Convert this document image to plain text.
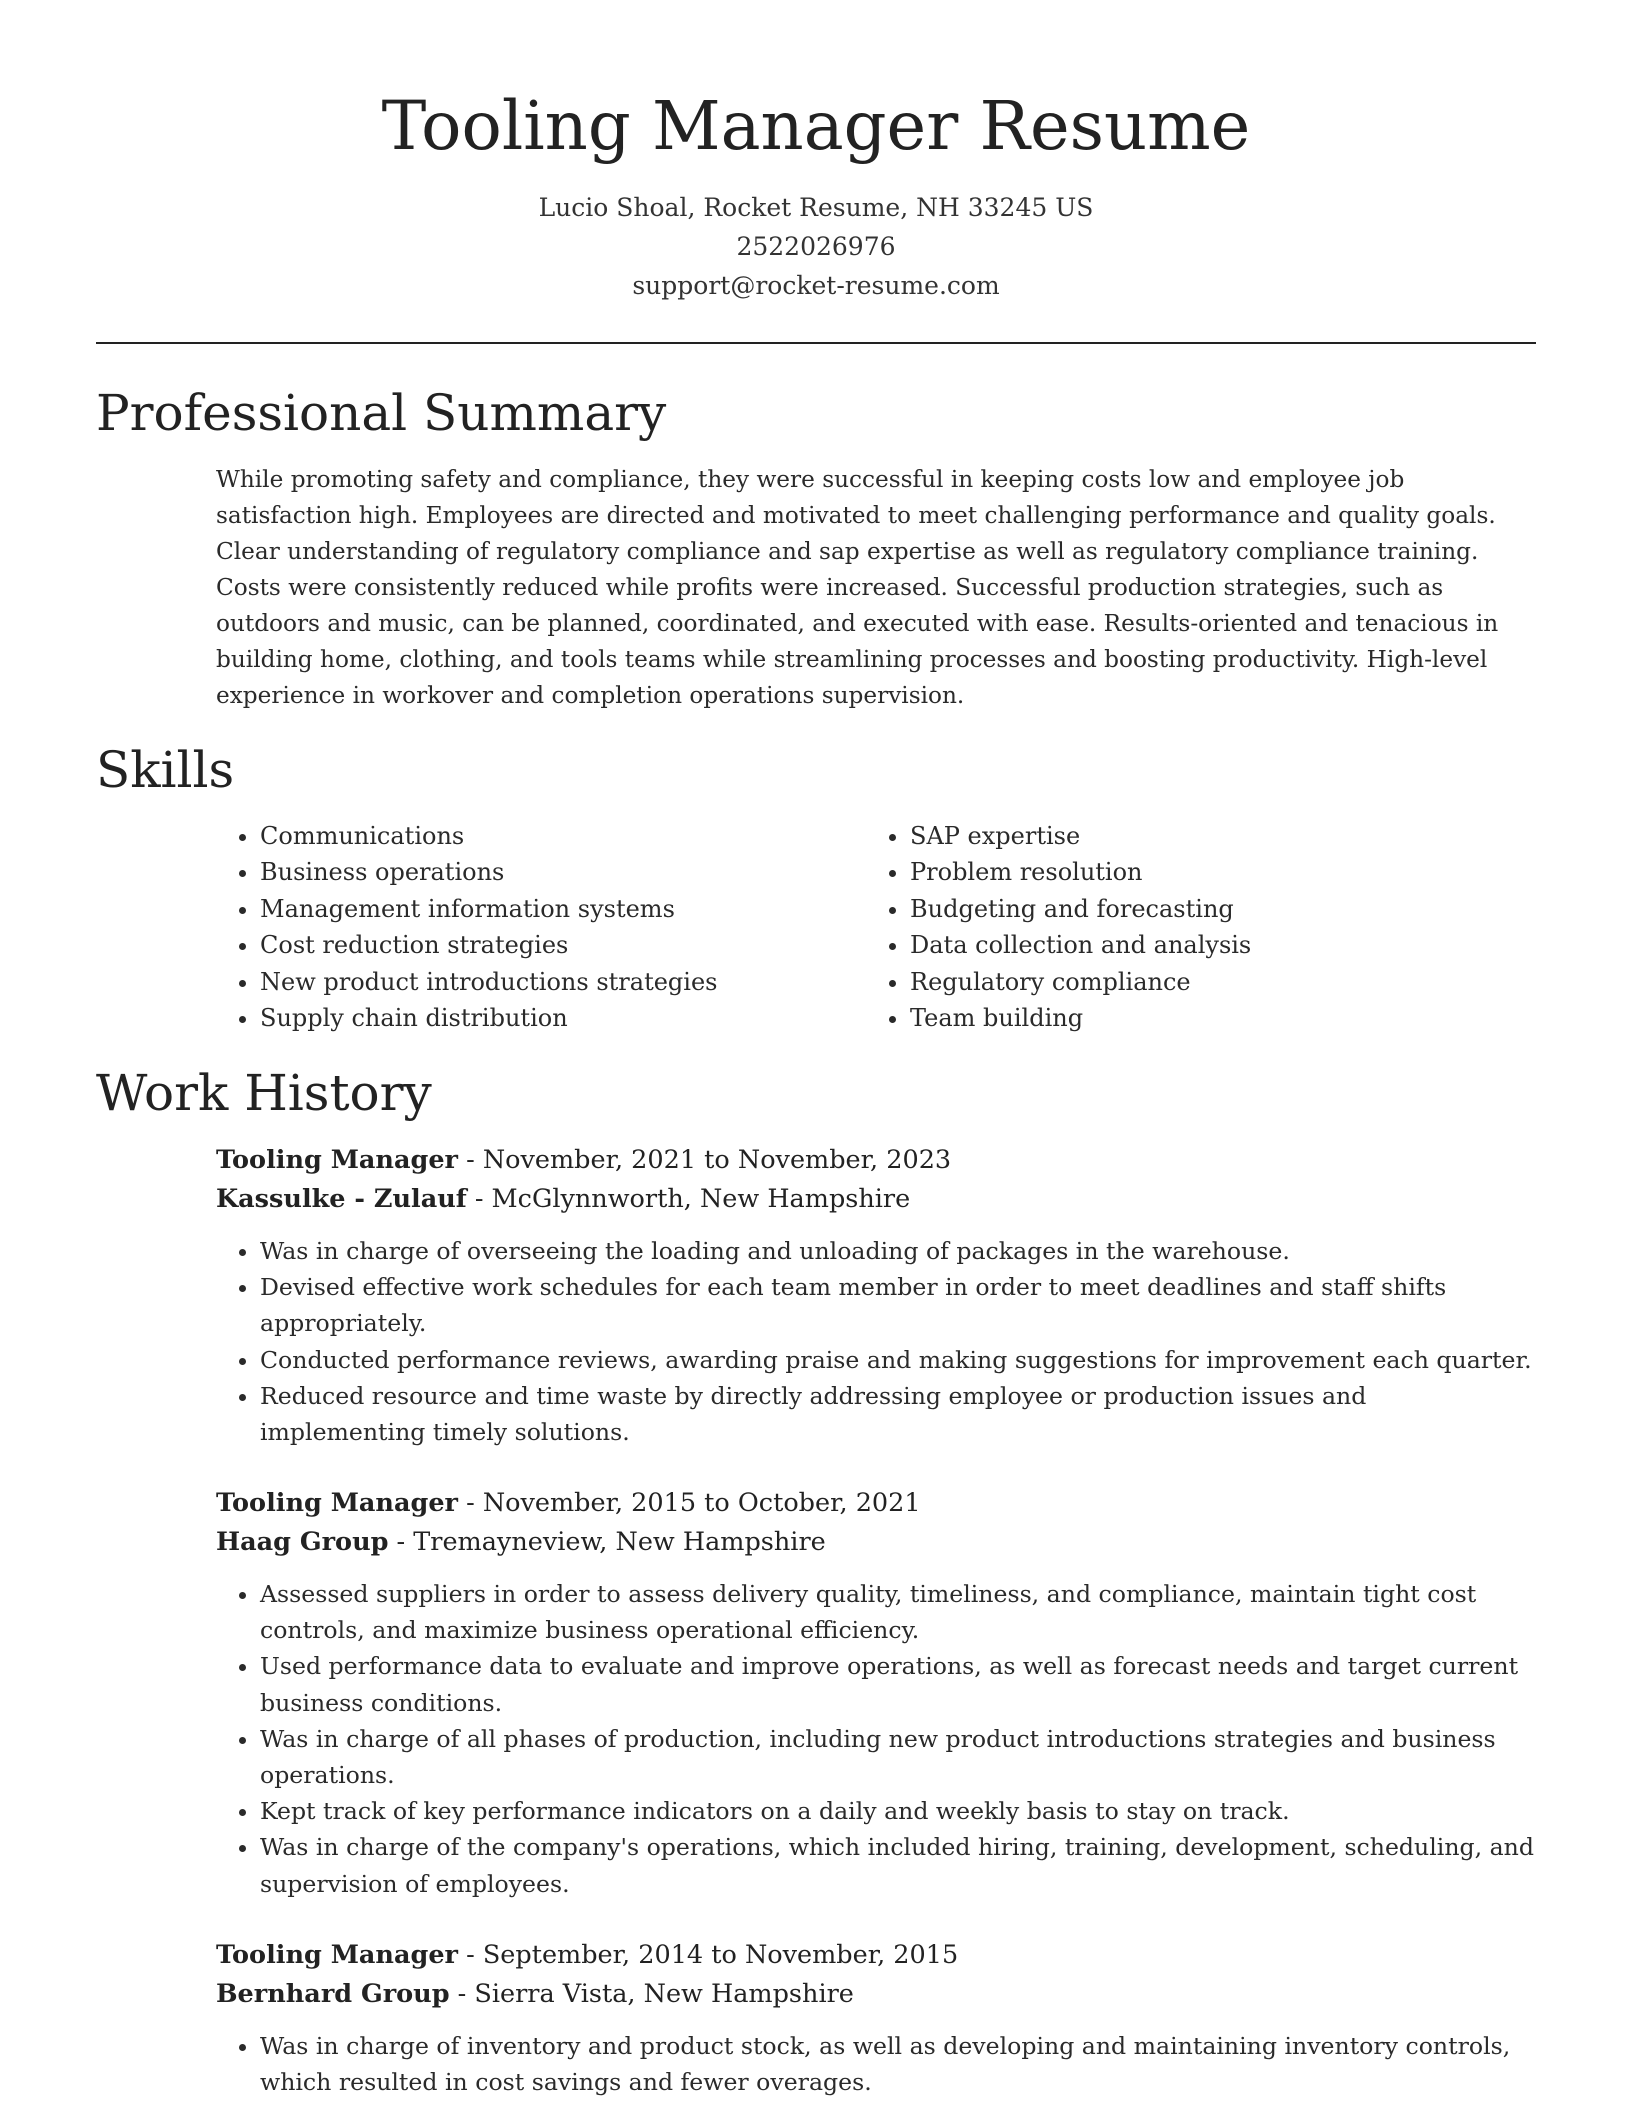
Tooling Manager Resume
Lucio Shoal, Rocket Resume, NH 33245 US
2522026976
support@rocket-resume.com
Professional Summary

While promoting safety and compliance, they were successful in keeping costs low and employee job satisfaction high. Employees are directed and motivated to meet challenging performance and quality goals. Clear understanding of regulatory compliance and sap expertise as well as regulatory compliance training. Costs were consistently reduced while profits were increased. Successful production strategies, such as outdoors and music, can be planned, coordinated, and executed with ease. Results-oriented and tenacious in building home, clothing, and tools teams while streamlining processes and boosting productivity. High-level experience in workover and completion operations supervision.

Skills
• Communications
• Business operations
• Management information systems
• Cost reduction strategies
• New product introductions strategies
• Supply chain distribution
• SAP expertise
• Problem resolution
• Budgeting and forecasting
• Data collection and analysis
• Regulatory compliance
• Team building
Work History
Tooling Manager - November, 2021 to November, 2023
Kassulke - Zulauf - McGlynnworth, New Hampshire
• Was in charge of overseeing the loading and unloading of packages in the warehouse.
• Devised effective work schedules for each team member in order to meet deadlines and staff shifts appropriately.
• Conducted performance reviews, awarding praise and making suggestions for improvement each quarter.
• Reduced resource and time waste by directly addressing employee or production issues and implementing timely solutions.
Tooling Manager - November, 2015 to October, 2021
Haag Group - Tremayneview, New Hampshire
• Assessed suppliers in order to assess delivery quality, timeliness, and compliance, maintain tight cost controls, and maximize business operational efficiency.
• Used performance data to evaluate and improve operations, as well as forecast needs and target current business conditions.
• Was in charge of all phases of production, including new product introductions strategies and business operations.
• Kept track of key performance indicators on a daily and weekly basis to stay on track.
• Was in charge of the company's operations, which included hiring, training, development, scheduling, and supervision of employees.
Tooling Manager - September, 2014 to November, 2015
Bernhard Group - Sierra Vista, New Hampshire
• Was in charge of inventory and product stock, as well as developing and maintaining inventory controls, which resulted in cost savings and fewer overages.
